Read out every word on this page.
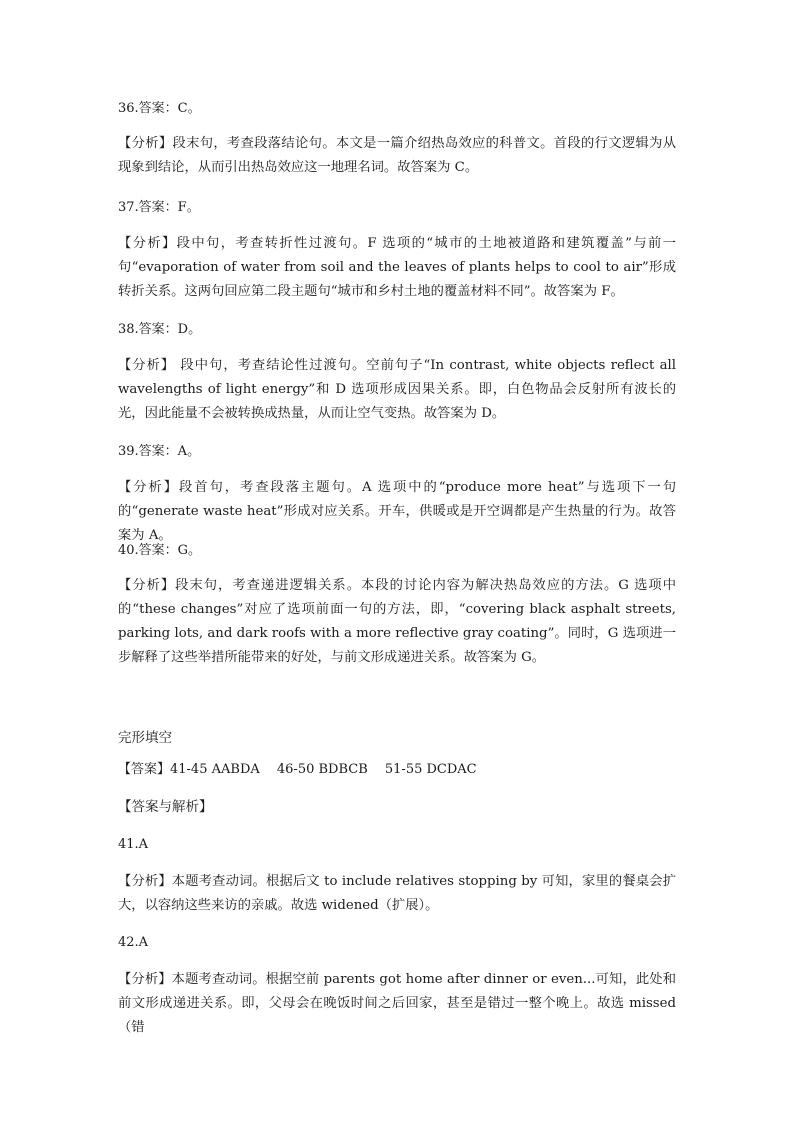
36.答案：C。
【分析】段末句，考查段落结论句。本文是一篇介绍热岛效应的科普文。首段的行文逻辑为从现象到结论，从而引出热岛效应这一地理名词。故答案为 C。
37.答案：F。
【分析】段中句，考查转折性过渡句。F 选项的“城市的土地被道路和建筑覆盖”与前一句“evaporation of water from soil and the leaves of plants helps to cool to air”形成转折关系。这两句回应第二段主题句“城市和乡村土地的覆盖材料不同”。故答案为 F。
38.答案：D。
【分析】 段中句，考查结论性过渡句。空前句子“In contrast, white objects reflect all wavelengths of light energy”和 D 选项形成因果关系。即，白色物品会反射所有波长的光，因此能量不会被转换成热量，从而让空气变热。故答案为 D。
39.答案：A。
【分析】段首句，考查段落主题句。A 选项中的“produce more heat”与选项下一句的“generate waste heat”形成对应关系。开车，供暖或是开空调都是产生热量的行为。故答案为 A。
40.答案：G。
【分析】段末句，考查递进逻辑关系。本段的讨论内容为解决热岛效应的方法。G 选项中的“these changes”对应了选项前面一句的方法，即，“covering black asphalt streets, parking lots, and dark roofs with a more reflective gray coating”。同时，G 选项进一步解释了这些举措所能带来的好处，与前文形成递进关系。故答案为 G。
完形填空
【答案】41-45 AABDA　 46-50 BDBCB　 51-55 DCDAC
【答案与解析】
41.A
【分析】本题考查动词。根据后文 to include relatives stopping by 可知，家里的餐桌会扩大，以容纳这些来访的亲戚。故选 widened（扩展）。
42.A
【分析】本题考查动词。根据空前 parents got home after dinner or even...可知，此处和前文形成递进关系。即，父母会在晚饭时间之后回家，甚至是错过一整个晚上。故选 missed（错
